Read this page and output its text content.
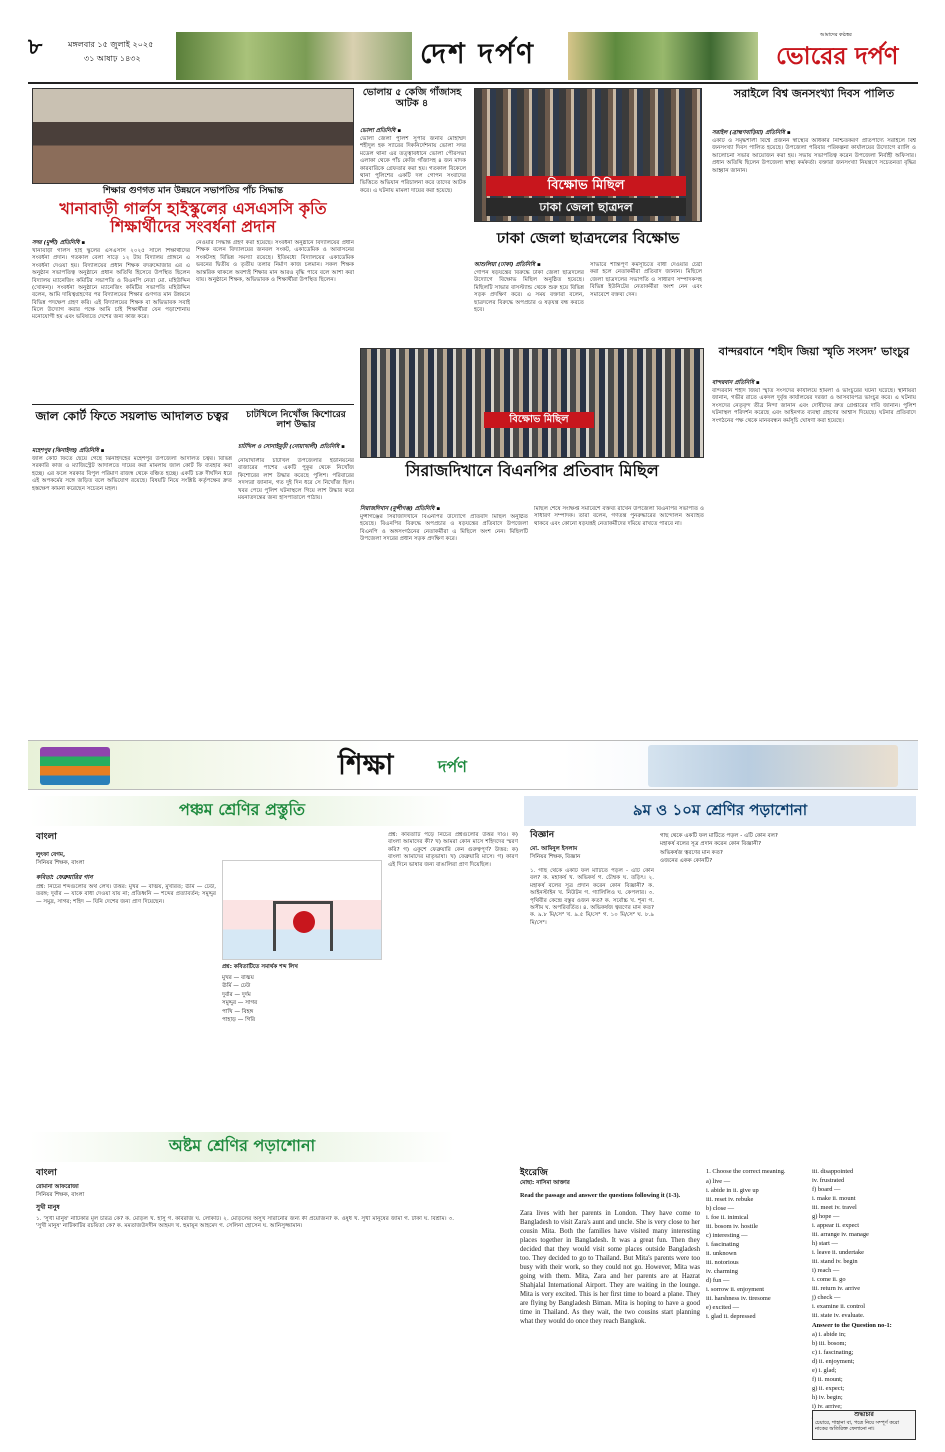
৮	মঙ্গলবার ১৫ জুলাই ২০২৫
৩১ আষাঢ় ১৪৩২	দেশ দর্পণ
আমাদের কণ্ঠস্বর
ভোরের দর্পণ
শিক্ষার গুণগত মান উন্নয়নে সভাপতির পাঁচ সিদ্ধান্ত
খানাবাড়ী গার্লস হাইস্কুলের এসএসসি কৃতি শিক্ষার্থীদের সংবর্ধনা প্রদান
সদর (মুন্সী) প্রতিনিধি ▪
খানাবাড়ী গার্লস হাই স্কুলের এসএসসি ২০২৫ সালে শিক্ষার্থীদের সংবর্ধনা প্রদান। গতকাল বেলা সাড়ে ১২ টায় বিদ্যালয় প্রাঙ্গনে এ সংবর্ধনা দেওয়া হয়। বিদ্যালয়ের প্রধান শিক্ষক বদরুদ্দোজার এর এ অনুষ্ঠান সভাপতিত্ব অনুষ্ঠানে প্রধান অতিথি হিসেবে উপস্থিত ছিলেন বিদ্যালয় ম্যানেজিং কমিটির সভাপতি ও বিএনপি নেতা মো. মহিউদ্দিন (খোকন)। সংবর্ধনা অনুষ্ঠানে ম্যানেজিং কমিটির সভাপতি মহিউদ্দিন বলেন, আমি দায়িত্বগ্রহণের পর বিদ্যালয়ের শিক্ষার গুণগত মান উন্নয়নে বিভিন্ন পদক্ষেপ গ্রহণ করি। এই বিদ্যালয়ের শিক্ষক বা অভিভাবক সবাই মিলে উদ্যোগ করার পক্ষে আমি চাই শিক্ষার্থীরা যেন পড়াশোনায় মনোযোগী হয় এবং ভবিষ্যতে দেশের জন্য কাজ করে।
নেওয়ার সিদ্ধান্ত গ্রহণ করা হয়েছে। সংবর্ধনা অনুষ্ঠানে বিদ্যালয়ের প্রধান শিক্ষক বলেন বিদ্যালয়ের জনবল সংকট, একাডেমিক ও আবাসনের সংকটসহ বিভিন্ন সমস্যা রয়েছে। ইতিমধ্যে বিদ্যালয়ের একাডেমিক ভবনের দ্বিতীয় ও তৃতীয় তলার নির্মাণ কাজ চলমান। সকল শিক্ষক আন্তরিক থাকলে অবশ্যই শিক্ষার মান আরও বৃদ্ধি পাবে বলে আশা করা যায়। অনুষ্ঠানে শিক্ষক, অভিভাবক ও শিক্ষার্থীরা উপস্থিত ছিলেন।
ভোলায় ৫ কেজি গাঁজাসহ আটক ৪
ভোলা প্রতিনিধি ▪
ভোলা জেলা পুলিশ সুপার জনাব মোহাম্মদ শহীদুল হক স্যারের দিকনির্দেশনায় ভোলা সদর মডেল থানা এর তত্ত্বাবধানে ভোলা পৌরসভা এলাকা থেকে পাঁচ কেজি গাঁজাসহ ৪ জন মাদক কারবারিকে গ্রেফতার করা হয়। গতকাল বিকেলে থানা পুলিশের একটি দল গোপন সংবাদের ভিত্তিতে অভিযান পরিচালনা করে তাদের আটক করে। এ ঘটনায় মামলা দায়ের করা হয়েছে।	বিক্ষোভ মিছিল
ঢাকা জেলা ছাত্রদল
ঢাকা জেলা ছাত্রদলের বিক্ষোভ
আশুলিয়া (ঢাকা) প্রতিনিধি ▪
গোপন ষড়যন্ত্রের বিরুদ্ধে ঢাকা জেলা ছাত্রদলের উদ্যোগে বিক্ষোভ মিছিল অনুষ্ঠিত হয়েছে। মিছিলটি সাভার বাসস্ট্যান্ড থেকে শুরু হয়ে বিভিন্ন সড়ক প্রদক্ষিণ করে। এ সময় বক্তারা বলেন, ছাত্রদলের বিরুদ্ধে অপপ্রচার ও ষড়যন্ত্র বন্ধ করতে হবে।
সাভারে শান্তিপূর্ণ কর্মসূচিতে বাধা দেওয়ার চেষ্টা করা হলে নেতাকর্মীরা প্রতিবাদ জানান। মিছিলে জেলা ছাত্রদলের সভাপতি ও সাধারণ সম্পাদকসহ বিভিন্ন ইউনিটের নেতাকর্মীরা অংশ নেন এবং সমাবেশে বক্তব্য দেন।
সরাইলে বিশ্ব জনসংখ্যা দিবস পালিত
সরাইল (ব্রাহ্মণবাড়িয়া) প্রতিনিধি ▪
একটি ও সমৃদ্ধশালী বিশ্বে প্রজনন স্বাস্থ্যের অধিকার নিশ্চিতকরণ প্রতিপাদ্যে সরাইলে বিশ্ব জনসংখ্যা দিবস পালিত হয়েছে। উপজেলা পরিবার পরিকল্পনা কার্যালয়ের উদ্যোগে র‍্যালি ও আলোচনা সভার আয়োজন করা হয়। সভায় সভাপতিত্ব করেন উপজেলা নির্বাহী অফিসার। প্রধান অতিথি ছিলেন উপজেলা স্বাস্থ্য কর্মকর্তা। বক্তারা জনসংখ্যা নিয়ন্ত্রণে সচেতনতা বৃদ্ধির আহ্বান জানান।
বিক্ষোভ মিছিল
সিরাজদিখানে বিএনপির প্রতিবাদ মিছিল
সিরাজদিখান (মুন্সীগঞ্জ) প্রতিনিধি ▪
মুন্সীগঞ্জের সিরাজদিখানে বিএনপির উদ্যোগে প্রতিবাদ মিছিল অনুষ্ঠিত হয়েছে। বিএনপির বিরুদ্ধে অপপ্রচার ও ষড়যন্ত্রের প্রতিবাদে উপজেলা বিএনপি ও অঙ্গসংগঠনের নেতাকর্মীরা এ মিছিলে অংশ নেন। মিছিলটি উপজেলা সদরের প্রধান সড়ক প্রদক্ষিণ করে।
মিছিল শেষে সংক্ষিপ্ত সমাবেশে বক্তব্য রাখেন উপজেলা বিএনপির সভাপতি ও সাধারণ সম্পাদক। তারা বলেন, গণতন্ত্র পুনরুদ্ধারের আন্দোলন অব্যাহত থাকবে এবং কোনো ষড়যন্ত্রই নেতাকর্মীদের দমিয়ে রাখতে পারবে না।
বান্দরবানে ‘শহীদ জিয়া স্মৃতি সংসদ’ ভাংচুর
বান্দরবান প্রতিনিধি ▪
বান্দরবান শহীদ জিয়া স্মৃতি সংসদের কার্যালয়ে হামলা ও ভাংচুরের ঘটনা ঘটেছে। স্থানীয়রা জানান, গভীর রাতে একদল দুর্বৃত্ত কার্যালয়ের দরজা ও আসবাবপত্র ভাংচুর করে। এ ঘটনায় সংসদের নেতৃবৃন্দ তীব্র নিন্দা জানান এবং দোষীদের দ্রুত গ্রেপ্তারের দাবি জানান। পুলিশ ঘটনাস্থল পরিদর্শন করেছে এবং আইনগত ব্যবস্থা গ্রহণের আশ্বাস দিয়েছে। ঘটনার প্রতিবাদে সংগঠনের পক্ষ থেকে মানববন্ধন কর্মসূচি ঘোষণা করা হয়েছে।
জাল কোর্ট ফিতে সয়লাভ আদালত চত্বর
মহেশপুর (ঝিনাইদহ) প্রতিনিধি ▪
জাল কোর্ট ফিতে ছেয়ে গেছে ঝিনাইদহের মহেশপুর উপজেলা আদালত চত্বর। বিভিন্ন সরকারি কাজ ও ম্যাজিস্ট্রেট আদালতে দায়ের করা মামলায় জাল কোর্ট ফি ব্যবহার করা হচ্ছে। এর ফলে সরকার বিপুল পরিমাণ রাজস্ব থেকে বঞ্চিত হচ্ছে। একটি চক্র দীর্ঘদিন ধরে এই অপকর্মের সঙ্গে জড়িত বলে অভিযোগ রয়েছে। বিষয়টি নিয়ে সংশ্লিষ্ট কর্তৃপক্ষের দ্রুত হস্তক্ষেপ কামনা করেছেন সচেতন মহল।
চাটখিলে নিখোঁজ কিশোরের লাশ উদ্ধার
চাটখিল ও সোনাইমুড়ী (নোয়াখালী) প্রতিনিধি ▪
নোয়াখালীর চাটখিল উপজেলার ইউনিয়নের বাজারের পাশের একটি পুকুর থেকে নিখোঁজ কিশোরের লাশ উদ্ধার করেছে পুলিশ। পরিবারের সদস্যরা জানান, গত দুই দিন ধরে সে নিখোঁজ ছিল। খবর পেয়ে পুলিশ ঘটনাস্থলে গিয়ে লাশ উদ্ধার করে ময়নাতদন্তের জন্য হাসপাতালে পাঠায়।
শিক্ষা	দর্পণ
পঞ্চম শ্রেণির প্রস্তুতি
বাংলা
লুৎফা বেগম,
সিনিয়র শিক্ষক, বাংলা
কবিতা: ফেব্রুয়ারির গান
প্রশ্ন: নিচের শব্দগুলোর অর্থ লেখ। উত্তর: মুখর — বাঙ্ময়, মুখরিত; ঊর্মি — ঢেউ, তরঙ্গ; দুর্বার — যাকে বাধা দেওয়া যায় না; প্রতিধ্বনি — শব্দের প্রত্যাবর্তন; সমুদ্দুর — সমুদ্র, সাগর; শহিদ — যিনি দেশের জন্য প্রাণ দিয়েছেন।
প্রশ্ন: কবিতাটিতে সমার্থক শব্দ লিখ
মুখর — বাঙ্ময়
ঊর্মি — ঢেউ
দুর্বার — দুর্দম
সমুদ্দুর — সাগর
পাখি — বিহঙ্গ
পাহাড় — গিরি
প্রশ্ন: কবিতাটি পড়ে নিচের প্রশ্নগুলোর উত্তর দাও। ক) বাংলা আমাদের কী? খ) আমরা কোন মাসে শহিদদের স্মরণ করি? গ) একুশে ফেব্রুয়ারি কেন গুরুত্বপূর্ণ? উত্তর: ক) বাংলা আমাদের মাতৃভাষা। খ) ফেব্রুয়ারি মাসে। গ) কারণ এই দিনে ভাষার জন্য বাঙালিরা প্রাণ দিয়েছিল।
৯ম ও ১০ম শ্রেণির পড়াশোনা
বিজ্ঞান
মো. আমিনুল ইসলাম
সিনিয়র শিক্ষক, বিজ্ঞান
১. গাছ থেকে একটি ফল মাটিতে পড়ল - এটি কোন বল? ক. মহাকর্ষ খ. অভিকর্ষ গ. চৌম্বক ঘ. তড়িৎ। ২. মহাকর্ষ বলের সূত্র প্রদান করেন কোন বিজ্ঞানী? ক. আইনস্টাইন খ. নিউটন গ. গ্যালিলিও ঘ. কেপলার। ৩. পৃথিবীর কেন্দ্রে বস্তুর ওজন কত? ক. সর্বোচ্চ খ. শূন্য গ. অসীম ঘ. অপরিবর্তিত। ৪. অভিকর্ষজ ত্বরণের মান কত? ক. ৯.৮ মি/সে² খ. ৯.৫ মি/সে² গ. ১০ মি/সে² ঘ. ৮.৯ মি/সে²।
গাছ থেকে একটি ফল মাটিতে পড়ল - এটি কোন বল?
মহাকর্ষ বলের সূত্র প্রদান করেন কোন বিজ্ঞানী?
অভিকর্ষজ ত্বরণের মান কত?
ওজনের একক কোনটি?
অষ্টম শ্রেণির পড়াশোনা
বাংলা
রোমানা আফরোজা
সিনিয়র শিক্ষক, বাংলা
সুখী মানুষ
১. 'সুখী মানুষ' নাটিকার মূল চরিত্র কে? ক. মোড়ল খ. হাসু গ. কবিরাজ ঘ. লোকটি। ২. মোড়লের অসুখ সারানোর জন্য কী প্রয়োজন? ক. ওষুধ খ. সুখী মানুষের জামা গ. টাকা ঘ. বিশ্রাম। ৩. 'সুখী মানুষ' নাটিকাটির রচয়িতা কে? ক. মমতাজউদদীন আহমদ খ. হুমায়ূন আহমেদ গ. সেলিনা হোসেন ঘ. আনিসুজ্জামান।
ইংরেজি
মোছা: নাসিমা আক্তার
Read the passage and answer the questions following it (1-3).
Zara lives with her parents in London. They have come to Bangladesh to visit Zara's aunt and uncle. She is very close to her cousin Mita. Both the families have visited many interesting places together in Bangladesh. It was a great fun. Then they decided that they would visit some places outside Bangladesh too. They decided to go to Thailand. But Mita's parents were too busy with their work, so they could not go. However, Mita was going with them. Mita, Zara and her parents are at Hazrat Shahjalal International Airport. They are waiting in the lounge. Mita is very excited. This is her first time to board a plane. They are flying by Bangladesh Biman. Mita is hoping to have a good time in Thailand. As they wait, the two cousins start planning what they would do once they reach Bangkok.
1. Choose the correct meaning.
a) live —
i. abide in ii. give up
iii. reset iv. rebuke
b) close —
i. foe ii. inimical
iii. bosom iv. hostile
c) interesting —
i. fascinating
ii. unknown
iii. notorious
iv. charming
d) fun —
i. sorrow ii. enjoyment
iii. harshness iv. tiresome
e) excited —
i. glad ii. depressed
iii. disappointed
iv. frustrated
f) board —
i. make ii. mount
iii. meet iv. travel
g) hope —
i. appear ii. expect
iii. arrange iv. manage
h) start —
i. leave ii. undertake
iii. stand iv. begin
i) reach —
i. come ii. go
iii. return iv. arrive
j) check —
i. examine ii. control
iii. state iv. evaluate.
Answer to the Question no-1:
a) i. abide in;
b) iii. bosom;
c) i. fascinating;
d) ii. enjoyment;
e) i. glad;
f) ii. mount;
g) ii. expect;
h) iv. begin;
i) iv. arrive;
শুদ্ধাচার
চেয়ারে, শাহানা বা, পত্রে নিয়ে সম্পূর্ণ করো নাকের অতিরিক্ত ফেলানো না।
